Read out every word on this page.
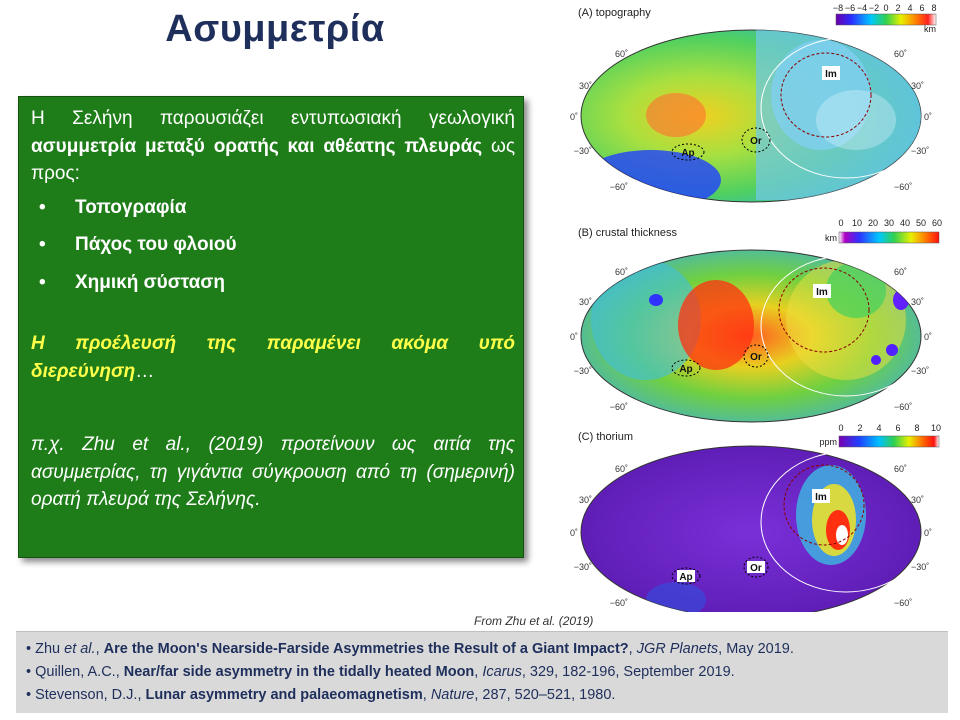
Ασυμμετρία

Η Σελήνη παρουσιάζει εντυπωσιακή γεωλογική ασυμμετρία μεταξύ ορατής και αθέατης πλευράς ως προς:

•	Τοπογραφία
•	Πάχος του φλοιού
•	Χημική σύσταση

Η προέλευσή της παραμένει ακόμα υπό διερεύνηση…

π.χ. Zhu et al., (2019) προτείνουν ως αιτία της ασυμμετρίας, τη γιγάντια σύγκρουση από τη (σημερινή) ορατή πλευρά της Σελήνης.

(A) topography
km
−8 −6 −4 −2 0 2 4 6 8
Im
Or
Ap
60˚
30˚
0˚
−30˚
−60˚
60˚
30˚
0˚
−30˚
−60˚
(B) crustal thickness	km
0 10 20 30 40 50 60
Im
Or
Ap
60˚
30˚
0˚
−30˚
−60˚
60˚
30˚
0˚
−30˚
−60˚
(C) thorium	ppm
0 2 4 6 8 10
Im
Or
Ap
60˚
30˚
0˚
−30˚
−60˚
60˚
30˚
0˚
−30˚
−60˚
From Zhu et al. (2019)
• Zhu et al., Are the Moon's Nearside-Farside Asymmetries the Result of a Giant Impact?, JGR Planets, May 2019.
• Quillen, A.C., Near/far side asymmetry in the tidally heated Moon, Icarus, 329, 182-196, September 2019.
• Stevenson, D.J., Lunar asymmetry and palaeomagnetism, Nature, 287, 520–521, 1980.
